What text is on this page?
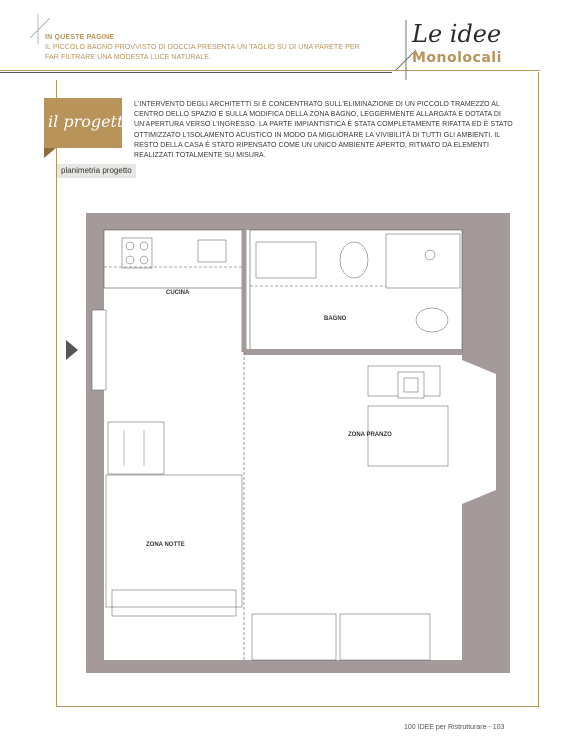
IN QUESTE PAGINE
IL PICCOLO BAGNO PROVVISTO DI DOCCIA PRESENTA UN TAGLIO SU DI UNA PARETE PER FAR FILTRARE UNA MODESTA LUCE NATURALE.
Le idee
Monolocali
il progetto
L'INTERVENTO DEGLI ARCHITETTI SI È CONCENTRATO SULL'ELIMINAZIONE DI UN PICCOLO TRAMEZZO AL CENTRO DELLO SPAZIO E SULLA MODIFICA DELLA ZONA BAGNO, LEGGERMENTE ALLARGATA E DOTATA DI UN'APERTURA VERSO L'INGRESSO. LA PARTE IMPIANTISTICA È STATA COMPLETAMENTE RIFATTA ED È STATO OTTIMIZZATO L'ISOLAMENTO ACUSTICO IN MODO DA MIGLIORARE LA VIVIBILITÀ DI TUTTI GLI AMBIENTI. IL RESTO DELLA CASA È STATO RIPENSATO COME UN UNICO AMBIENTE APERTO, RITMATO DA ELEMENTI REALIZZATI TOTALMENTE SU MISURA.
planimetria progetto
CUCINA
BAGNO
ZONA PRANZO
ZONA NOTTE
100 IDEE per Ristrutturare - 103
